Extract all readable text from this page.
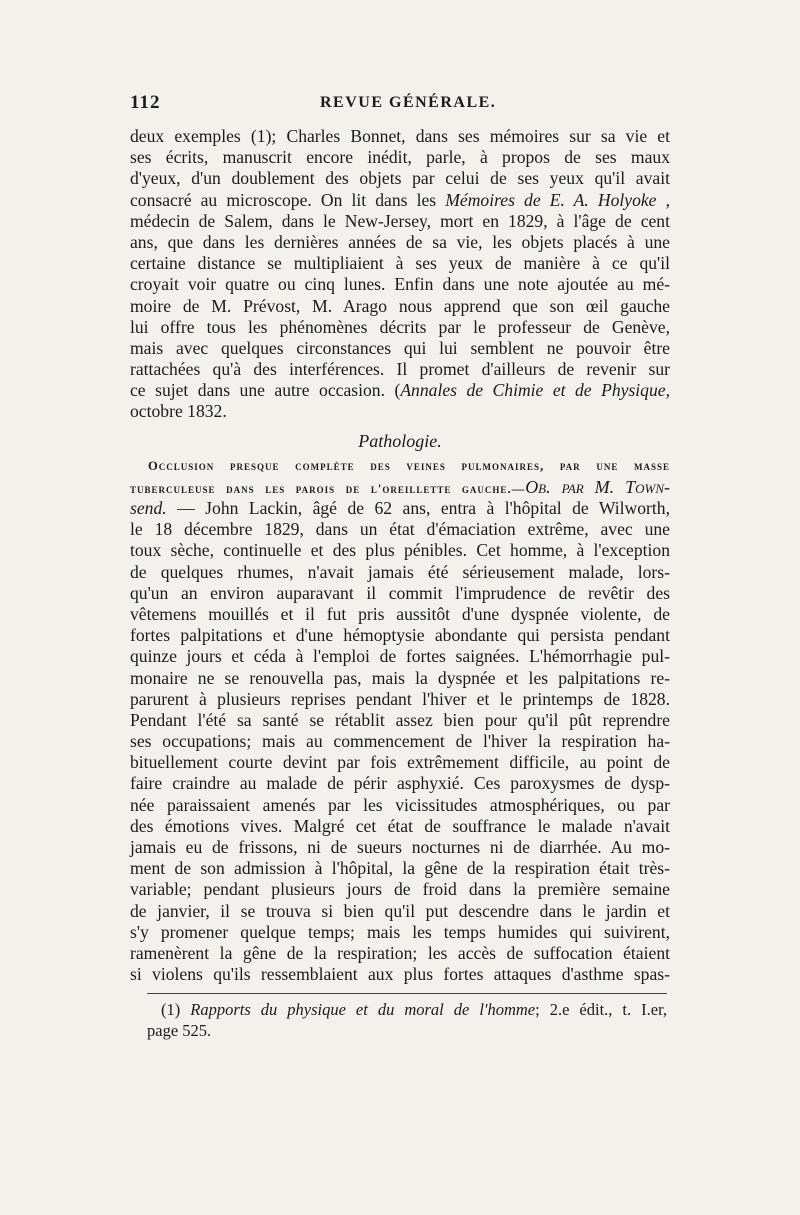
112	REVUE GÉNÉRALE.
deux exemples (1); Charles Bonnet, dans ses mémoires sur sa vie et
ses écrits, manuscrit encore inédit, parle, à propos de ses maux
d'yeux, d'un doublement des objets par celui de ses yeux qu'il avait
consacré au microscope. On lit dans les Mémoires de E. A. Holyoke ,
médecin de Salem, dans le New-Jersey, mort en 1829, à l'âge de cent
ans, que dans les dernières années de sa vie, les objets placés à une
certaine distance se multipliaient à ses yeux de manière à ce qu'il
croyait voir quatre ou cinq lunes. Enfin dans une note ajoutée au mé-
moire de M. Prévost, M. Arago nous apprend que son œil gauche
lui offre tous les phénomènes décrits par le professeur de Genève,
mais avec quelques circonstances qui lui semblent ne pouvoir être
rattachées qu'à des interférences. Il promet d'ailleurs de revenir sur
ce sujet dans une autre occasion. (Annales de Chimie et de Physique,
octobre 1832.
Pathologie.
Occlusion presque complète des veines pulmonaires, par une masse
tuberculeuse dans les parois de l'oreillette gauche.—Ob. par M. Town-
send. — John Lackin, âgé de 62 ans, entra à l'hôpital de Wilworth,
le 18 décembre 1829, dans un état d'émaciation extrême, avec une
toux sèche, continuelle et des plus pénibles. Cet homme, à l'exception
de quelques rhumes, n'avait jamais été sérieusement malade, lors-
qu'un an environ auparavant il commit l'imprudence de revêtir des
vêtemens mouillés et il fut pris aussitôt d'une dyspnée violente, de
fortes palpitations et d'une hémoptysie abondante qui persista pendant
quinze jours et céda à l'emploi de fortes saignées. L'hémorrhagie pul-
monaire ne se renouvella pas, mais la dyspnée et les palpitations re-
parurent à plusieurs reprises pendant l'hiver et le printemps de 1828.
Pendant l'été sa santé se rétablit assez bien pour qu'il pût reprendre
ses occupations; mais au commencement de l'hiver la respiration ha-
bituellement courte devint par fois extrêmement difficile, au point de
faire craindre au malade de périr asphyxié. Ces paroxysmes de dysp-
née paraissaient amenés par les vicissitudes atmosphériques, ou par
des émotions vives. Malgré cet état de souffrance le malade n'avait
jamais eu de frissons, ni de sueurs nocturnes ni de diarrhée. Au mo-
ment de son admission à l'hôpital, la gêne de la respiration était très-
variable; pendant plusieurs jours de froid dans la première semaine
de janvier, il se trouva si bien qu'il put descendre dans le jardin et
s'y promener quelque temps; mais les temps humides qui suivirent,
ramenèrent la gêne de la respiration; les accès de suffocation étaient
si violens qu'ils ressemblaient aux plus fortes attaques d'asthme spas-
(1) Rapports du physique et du moral de l'homme; 2.e édit., t. I.er,
page 525.
